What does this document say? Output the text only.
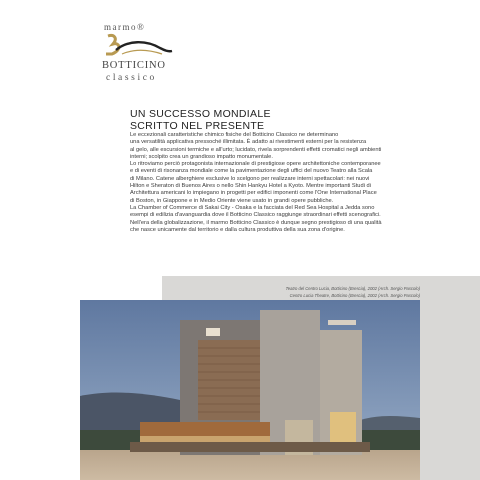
marmo®
BOTTICINO
classico
UN SUCCESSO MONDIALE
SCRITTO NEL PRESENTE

Le eccezionali caratteristiche chimico fisiche del Botticino Classico ne determinano

una versatilità applicativa pressoché illimitata. È adatto ai rivestimenti esterni per la resistenza

al gelo, alle escursioni termiche e all'urto; lucidato, rivela sorprendenti effetti cromatici negli ambienti

interni; scolpito crea un grandioso impatto monumentale.

Lo ritroviamo perciò protagonista internazionale di prestigiose opere architettoniche contemporanee

e di eventi di risonanza mondiale come la pavimentazione degli uffici del nuovo Teatro alla Scala

di Milano. Catene alberghiere esclusive lo scelgono per realizzare interni spettacolari: nei nuovi

Hilton e Sheraton di Buenos Aires o nello Shin Hankyu Hotel a Kyoto. Mentre importanti Studi di

Architettura americani lo impiegano in progetti per edifici imponenti come l'One International Place

di Boston, in Giappone e in Medio Oriente viene usato in grandi opere pubbliche.

La Chamber of Commerce di Sakai City - Osaka e la facciata del Red Sea Hospital a Jedda sono

esempi di edilizia d'avanguardia dove il Botticino Classico raggiunge straordinari effetti scenografici.

Nell'era della globalizzazione, il marmo Botticino Classico è dunque segno prestigioso di una qualità

che nasce unicamente dal territorio e dalla cultura produttiva della sua zona d'origine.

Teatro del Centro Lucia, Botticino (Brescia), 2002 (Arch. Sergio Pascolo)
Centro Lucia Theatre, Botticino (Brescia), 2002 (Arch. Sergio Pascolo)
